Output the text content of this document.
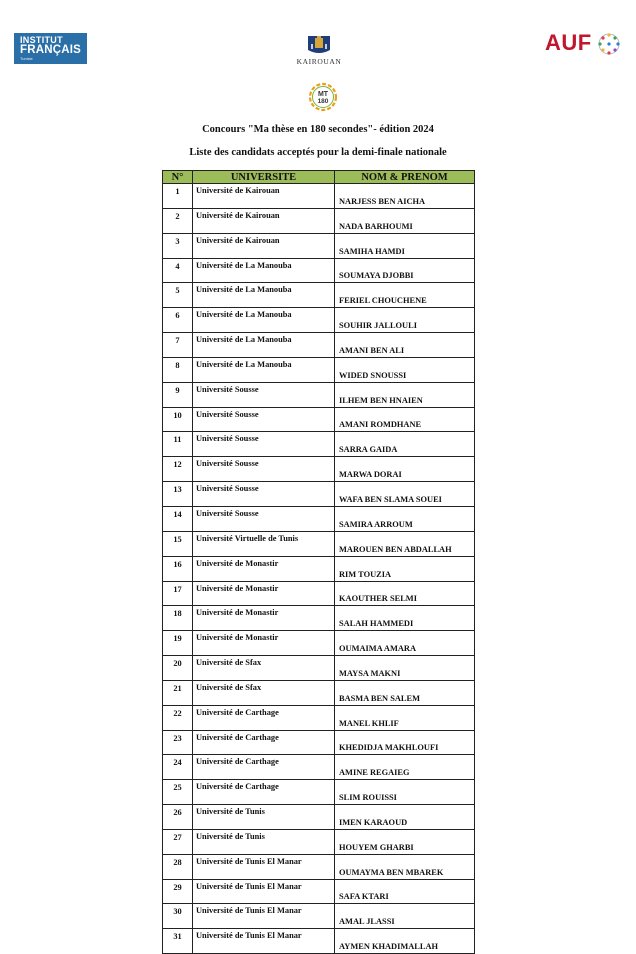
INSTITUT
FRANÇAIS
Tunisie	KAIROUAN
AUF
MT
180
Concours "Ma thèse en 180 secondes"- édition 2024
Liste des candidats acceptés pour la demi-finale nationale
N°	UNIVERSITE	NOM & PRENOM
1	Université de Kairouan	NARJESS BEN AICHA
2	Université de Kairouan	NADA BARHOUMI
3	Université de Kairouan	SAMIHA HAMDI
4	Université de La Manouba	SOUMAYA DJOBBI
5	Université de La Manouba	FERIEL CHOUCHENE
6	Université de La Manouba	SOUHIR JALLOULI
7	Université de La Manouba	AMANI BEN ALI
8	Université de La Manouba	WIDED SNOUSSI
9	Université Sousse	ILHEM BEN HNAIEN
10	Université Sousse	AMANI ROMDHANE
11	Université Sousse	SARRA GAIDA
12	Université Sousse	MARWA DORAI
13	Université Sousse	WAFA BEN SLAMA SOUEI
14	Université Sousse	SAMIRA ARROUM
15	Université Virtuelle de Tunis	MAROUEN BEN ABDALLAH
16	Université de Monastir	RIM TOUZIA
17	Université de Monastir	KAOUTHER SELMI
18	Université de Monastir	SALAH HAMMEDI
19	Université de Monastir	OUMAIMA AMARA
20	Université de Sfax	MAYSA MAKNI
21	Université de Sfax	BASMA BEN SALEM
22	Université de Carthage	MANEL KHLIF
23	Université de Carthage	KHEDIDJA MAKHLOUFI
24	Université de Carthage	AMINE REGAIEG
25	Université de Carthage	SLIM ROUISSI
26	Université de Tunis	IMEN KARAOUD
27	Université de Tunis	HOUYEM GHARBI
28	Université de Tunis El Manar	OUMAYMA BEN MBAREK
29	Université de Tunis El Manar	SAFA KTARI
30	Université de Tunis El Manar	AMAL JLASSI
31	Université de Tunis El Manar	AYMEN KHADIMALLAH
